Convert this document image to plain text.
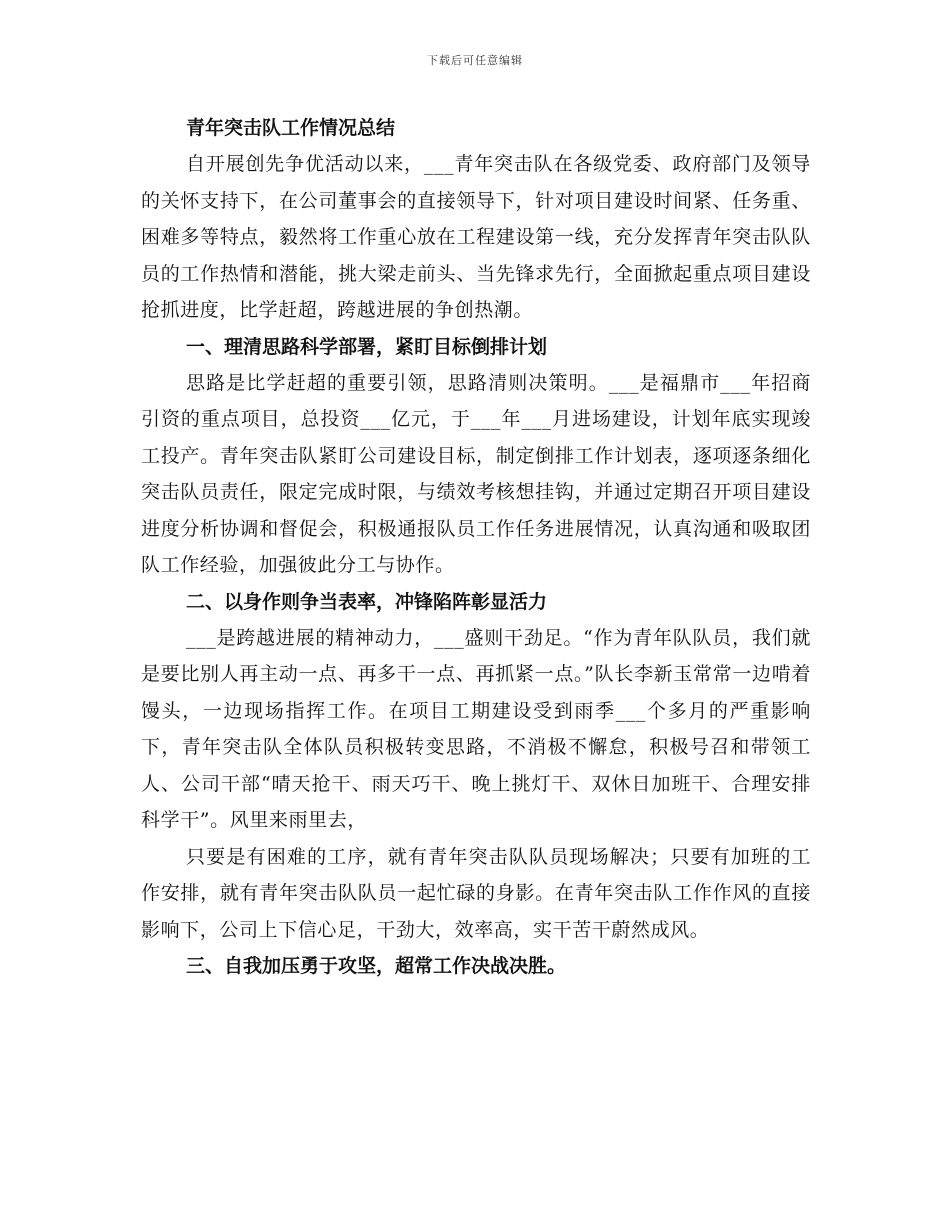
下载后可任意编辑

青年突击队工作情况总结

自开展创先争优活动以来，___青年突击队在各级党委、政府部门及领导的关怀支持下，在公司董事会的直接领导下，针对项目建设时间紧、任务重、困难多等特点，毅然将工作重心放在工程建设第一线，充分发挥青年突击队队员的工作热情和潜能，挑大梁走前头、当先锋求先行，全面掀起重点项目建设抢抓进度，比学赶超，跨越进展的争创热潮。

一、理清思路科学部署，紧盯目标倒排计划

思路是比学赶超的重要引领，思路清则决策明。___是福鼎市___年招商引资的重点项目，总投资___亿元，于___年___月进场建设，计划年底实现竣工投产。青年突击队紧盯公司建设目标，制定倒排工作计划表，逐项逐条细化突击队员责任，限定完成时限，与绩效考核想挂钩，并通过定期召开项目建设进度分析协调和督促会，积极通报队员工作任务进展情况，认真沟通和吸取团队工作经验，加强彼此分工与协作。

二、以身作则争当表率，冲锋陷阵彰显活力

___是跨越进展的精神动力，___盛则干劲足。“作为青年队队员，我们就是要比别人再主动一点、再多干一点、再抓紧一点。”队长李新玉常常一边啃着馒头，一边现场指挥工作。在项目工期建设受到雨季___个多月的严重影响下，青年突击队全体队员积极转变思路，不消极不懈怠，积极号召和带领工人、公司干部“晴天抢干、雨天巧干、晚上挑灯干、双休日加班干、合理安排科学干”。风里来雨里去，

只要是有困难的工序，就有青年突击队队员现场解决；只要有加班的工作安排，就有青年突击队队员一起忙碌的身影。在青年突击队工作作风的直接影响下，公司上下信心足，干劲大，效率高，实干苦干蔚然成风。

三、自我加压勇于攻坚，超常工作决战决胜。
